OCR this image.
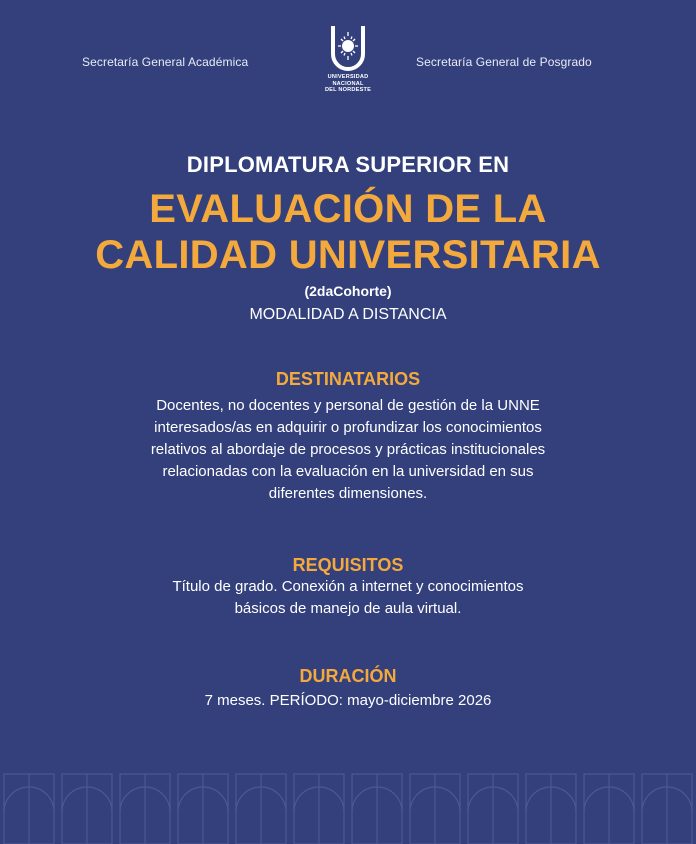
Secretaría General Académica
UNIVERSIDAD
NACIONAL
DEL NORDESTE
Secretaría General de Posgrado
DIPLOMATURA SUPERIOR EN
EVALUACIÓN DE LA
CALIDAD UNIVERSITARIA
(2daCohorte)
MODALIDAD A DISTANCIA
DESTINATARIOS
Docentes, no docentes y personal de gestión de la UNNE
interesados/as en adquirir o profundizar los conocimientos
relativos al abordaje de procesos y prácticas institucionales
relacionadas con la evaluación en la universidad en sus
diferentes dimensiones.
REQUISITOS
Título de grado. Conexión a internet y conocimientos
básicos de manejo de aula virtual.
DURACIÓN
7 meses. PERÍODO: mayo-diciembre 2026
